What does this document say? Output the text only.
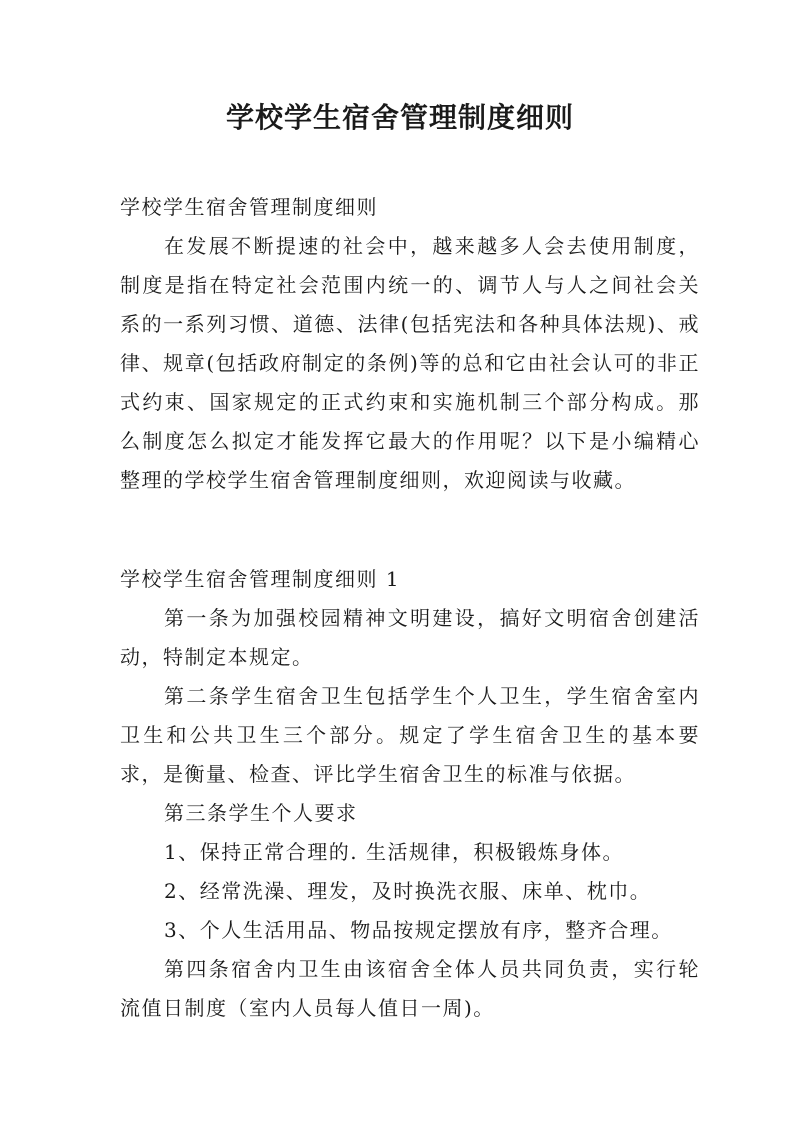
学校学生宿舍管理制度细则

学校学生宿舍管理制度细则

在发展不断提速的社会中，越来越多人会去使用制度，制度是指在特定社会范围内统一的、调节人与人之间社会关系的一系列习惯、道德、法律(包括宪法和各种具体法规)、戒律、规章(包括政府制定的条例)等的总和它由社会认可的非正式约束、国家规定的正式约束和实施机制三个部分构成。那么制度怎么拟定才能发挥它最大的作用呢？以下是小编精心整理的学校学生宿舍管理制度细则，欢迎阅读与收藏。

学校学生宿舍管理制度细则 1

第一条为加强校园精神文明建设，搞好文明宿舍创建活动，特制定本规定。

第二条学生宿舍卫生包括学生个人卫生，学生宿舍室内卫生和公共卫生三个部分。规定了学生宿舍卫生的基本要求，是衡量、检查、评比学生宿舍卫生的标准与依据。

第三条学生个人要求

1、保持正常合理的. 生活规律，积极锻炼身体。

2、经常洗澡、理发，及时换洗衣服、床单、枕巾。

3、个人生活用品、物品按规定摆放有序，整齐合理。

第四条宿舍内卫生由该宿舍全体人员共同负责，实行轮流值日制度（室内人员每人值日一周)。
